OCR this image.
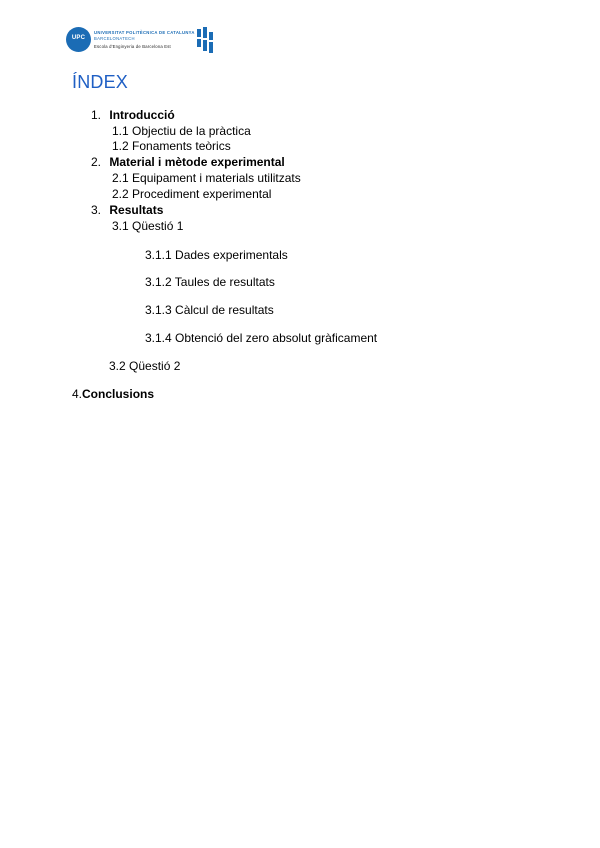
UPC
UNIVERSITAT POLITÈCNICA DE CATALUNYA
BARCELONATECH
Escola d'Enginyeria de Barcelona Est
ÍNDEX
1. Introducció
1.1 Objectiu de la pràctica
1.2 Fonaments teòrics
2. Material i mètode experimental
2.1 Equipament i materials utilitzats
2.2 Procediment experimental
3. Resultats
3.1 Qüestió 1
3.1.1 Dades experimentals
3.1.2 Taules de resultats
3.1.3 Càlcul de resultats
3.1.4 Obtenció del zero absolut gràficament
3.2 Qüestió 2
4.Conclusions
